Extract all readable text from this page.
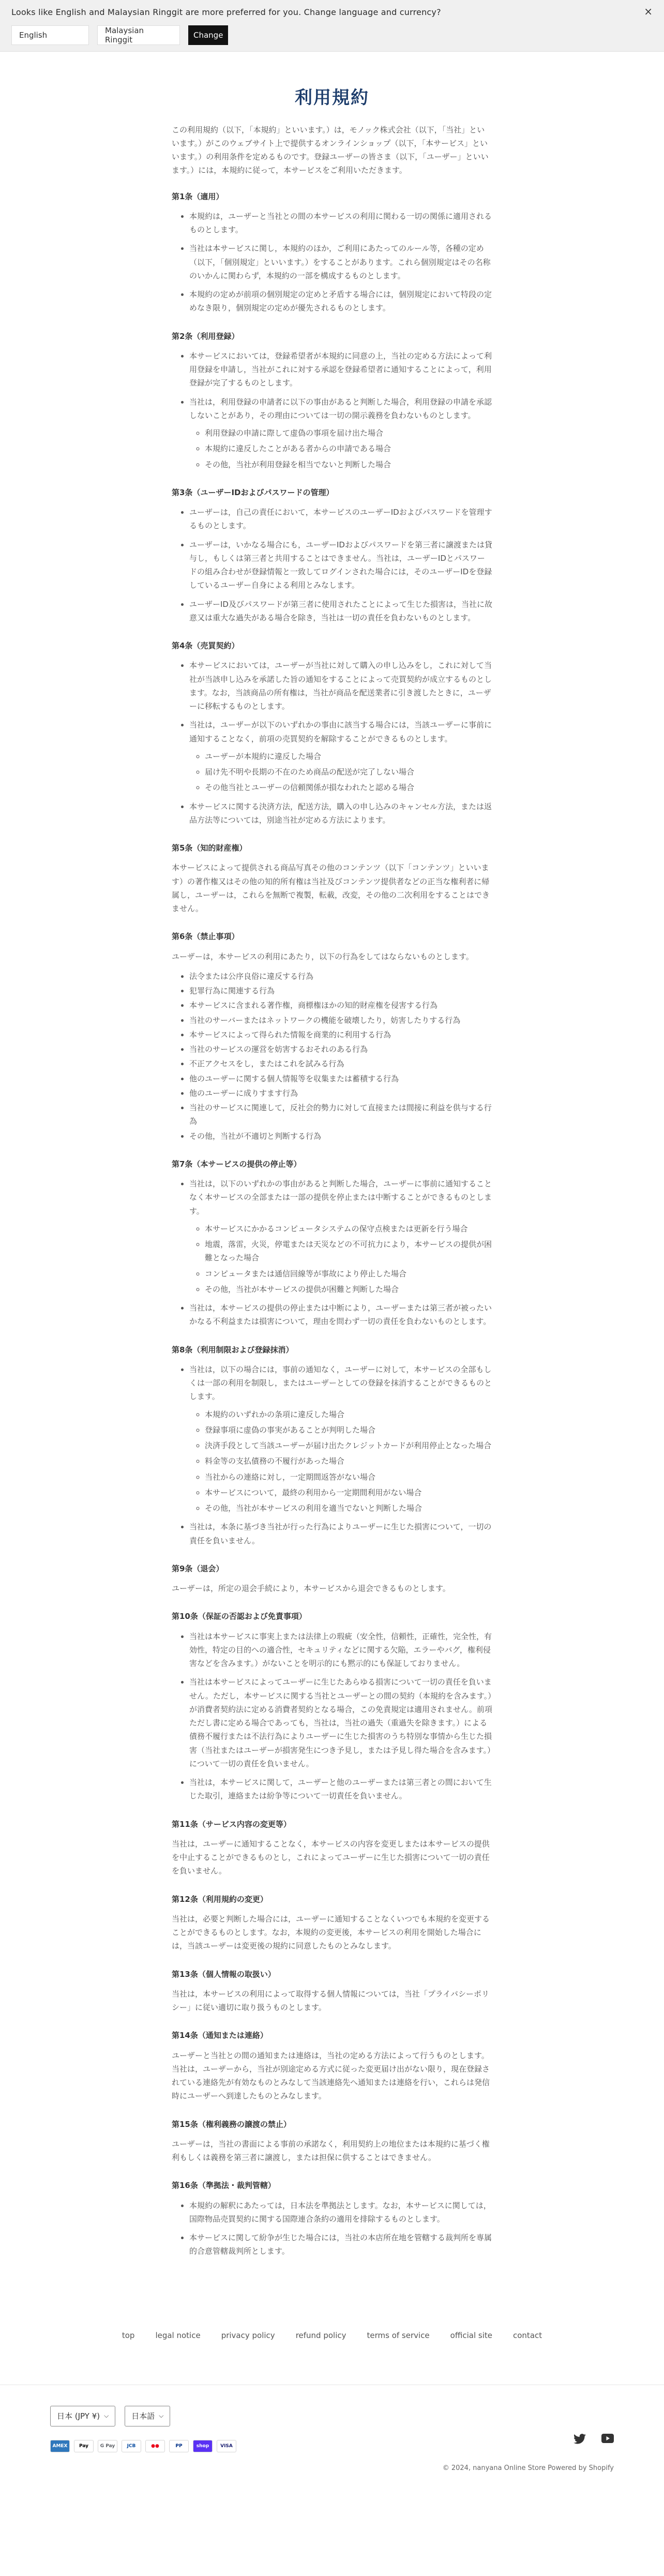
Looks like English and Malaysian Ringgit are more preferred for you. Change language and currency?	×
English	Malaysian Ringgit	Change
利用規約

この利用規約（以下，「本規約」といいます。）は，モノック株式会社（以下，「当社」といいます。）がこのウェブサイト上で提供するオンラインショップ（以下，「本サービス」といいます。）の利用条件を定めるものです。登録ユーザーの皆さま（以下，「ユーザー」といいます。）には，本規約に従って，本サービスをご利用いただきます。

第1条（適用）
• 本規約は，ユーザーと当社との間の本サービスの利用に関わる一切の関係に適用されるものとします。
• 当社は本サービスに関し，本規約のほか，ご利用にあたってのルール等，各種の定め（以下，「個別規定」といいます。）をすることがあります。これら個別規定はその名称のいかんに関わらず，本規約の一部を構成するものとします。
• 本規約の定めが前項の個別規定の定めと矛盾する場合には，個別規定において特段の定めなき限り，個別規定の定めが優先されるものとします。
第2条（利用登録）
• 本サービスにおいては，登録希望者が本規約に同意の上，当社の定める方法によって利用登録を申請し，当社がこれに対する承認を登録希望者に通知することによって，利用登録が完了するものとします。
• 当社は，利用登録の申請者に以下の事由があると判断した場合，利用登録の申請を承認しないことがあり，その理由については一切の開示義務を負わないものとします。
◦ 利用登録の申請に際して虚偽の事項を届け出た場合
◦ 本規約に違反したことがある者からの申請である場合
◦ その他，当社が利用登録を相当でないと判断した場合
第3条（ユーザーIDおよびパスワードの管理）
• ユーザーは，自己の責任において，本サービスのユーザーIDおよびパスワードを管理するものとします。
• ユーザーは，いかなる場合にも，ユーザーIDおよびパスワードを第三者に譲渡または貸与し，もしくは第三者と共用することはできません。当社は，ユーザーIDとパスワードの組み合わせが登録情報と一致してログインされた場合には，そのユーザーIDを登録しているユーザー自身による利用とみなします。
• ユーザーID及びパスワードが第三者に使用されたことによって生じた損害は，当社に故意又は重大な過失がある場合を除き，当社は一切の責任を負わないものとします。
第4条（売買契約）
• 本サービスにおいては，ユーザーが当社に対して購入の申し込みをし，これに対して当社が当該申し込みを承諾した旨の通知をすることによって売買契約が成立するものとします。なお，当該商品の所有権は，当社が商品を配送業者に引き渡したときに，ユーザーに移転するものとします。
• 当社は，ユーザーが以下のいずれかの事由に該当する場合には，当該ユーザーに事前に通知することなく，前項の売買契約を解除することができるものとします。
◦ ユーザーが本規約に違反した場合
◦ 届け先不明や長期の不在のため商品の配送が完了しない場合
◦ その他当社とユーザーの信頼関係が損なわれたと認める場合
• 本サービスに関する決済方法，配送方法，購入の申し込みのキャンセル方法，または返品方法等については，別途当社が定める方法によります。
第5条（知的財産権）

本サービスによって提供される商品写真その他のコンテンツ（以下「コンテンツ」といいます）の著作権又はその他の知的所有権は当社及びコンテンツ提供者などの正当な権利者に帰属し，ユーザーは，これらを無断で複製，転載，改変，その他の二次利用をすることはできません。

第6条（禁止事項）

ユーザーは，本サービスの利用にあたり，以下の行為をしてはならないものとします。

• 法令または公序良俗に違反する行為
• 犯罪行為に関連する行為
• 本サービスに含まれる著作権，商標権ほかの知的財産権を侵害する行為
• 当社のサーバーまたはネットワークの機能を破壊したり，妨害したりする行為
• 本サービスによって得られた情報を商業的に利用する行為
• 当社のサービスの運営を妨害するおそれのある行為
• 不正アクセスをし，またはこれを試みる行為
• 他のユーザーに関する個人情報等を収集または蓄積する行為
• 他のユーザーに成りすます行為
• 当社のサービスに関連して，反社会的勢力に対して直接または間接に利益を供与する行為
• その他，当社が不適切と判断する行為
第7条（本サービスの提供の停止等）
• 当社は，以下のいずれかの事由があると判断した場合，ユーザーに事前に通知することなく本サービスの全部または一部の提供を停止または中断することができるものとします。
◦ 本サービスにかかるコンピュータシステムの保守点検または更新を行う場合
◦ 地震，落雷，火災，停電または天災などの不可抗力により，本サービスの提供が困難となった場合
◦ コンピュータまたは通信回線等が事故により停止した場合
◦ その他，当社が本サービスの提供が困難と判断した場合
• 当社は，本サービスの提供の停止または中断により，ユーザーまたは第三者が被ったいかなる不利益または損害について，理由を問わず一切の責任を負わないものとします。
第8条（利用制限および登録抹消）
• 当社は，以下の場合には，事前の通知なく，ユーザーに対して，本サービスの全部もしくは一部の利用を制限し，またはユーザーとしての登録を抹消することができるものとします。
◦ 本規約のいずれかの条項に違反した場合
◦ 登録事項に虚偽の事実があることが判明した場合
◦ 決済手段として当該ユーザーが届け出たクレジットカードが利用停止となった場合
◦ 料金等の支払債務の不履行があった場合
◦ 当社からの連絡に対し，一定期間返答がない場合
◦ 本サービスについて，最終の利用から一定期間利用がない場合
◦ その他，当社が本サービスの利用を適当でないと判断した場合
• 当社は，本条に基づき当社が行った行為によりユーザーに生じた損害について，一切の責任を負いません。
第9条（退会）

ユーザーは，所定の退会手続により，本サービスから退会できるものとします。

第10条（保証の否認および免責事項）
• 当社は本サービスに事実上または法律上の瑕疵（安全性，信頼性，正確性，完全性，有効性，特定の目的への適合性，セキュリティなどに関する欠陥，エラーやバグ，権利侵害などを含みます。）がないことを明示的にも黙示的にも保証しておりません。
• 当社は本サービスによってユーザーに生じたあらゆる損害について一切の責任を負いません。ただし，本サービスに関する当社とユーザーとの間の契約（本規約を含みます。）が消費者契約法に定める消費者契約となる場合，この免責規定は適用されません。前項ただし書に定める場合であっても，当社は，当社の過失（重過失を除きます。）による債務不履行または不法行為によりユーザーに生じた損害のうち特別な事情から生じた損害（当社またはユーザーが損害発生につき予見し，または予見し得た場合を含みます。）について一切の責任を負いません。
• 当社は，本サービスに関して，ユーザーと他のユーザーまたは第三者との間において生じた取引，連絡または紛争等について一切責任を負いません。
第11条（サービス内容の変更等）

当社は，ユーザーに通知することなく，本サービスの内容を変更しまたは本サービスの提供を中止することができるものとし，これによってユーザーに生じた損害について一切の責任を負いません。

第12条（利用規約の変更）

当社は，必要と判断した場合には，ユーザーに通知することなくいつでも本規約を変更することができるものとします。なお，本規約の変更後，本サービスの利用を開始した場合には，当該ユーザーは変更後の規約に同意したものとみなします。

第13条（個人情報の取扱い）

当社は，本サービスの利用によって取得する個人情報については，当社「プライバシーポリシー」に従い適切に取り扱うものとします。

第14条（通知または連絡）

ユーザーと当社との間の通知または連絡は，当社の定める方法によって行うものとします。当社は，ユーザーから，当社が別途定める方式に従った変更届け出がない限り，現在登録されている連絡先が有効なものとみなして当該連絡先へ通知または連絡を行い，これらは発信時にユーザーへ到達したものとみなします。

第15条（権利義務の譲渡の禁止）

ユーザーは，当社の書面による事前の承諾なく，利用契約上の地位または本規約に基づく権利もしくは義務を第三者に譲渡し，または担保に供することはできません。

第16条（準拠法・裁判管轄）
• 本規約の解釈にあたっては，日本法を準拠法とします。なお，本サービスに関しては，国際物品売買契約に関する国際連合条約の適用を排除するものとします。
• 本サービスに関して紛争が生じた場合には，当社の本店所在地を管轄する裁判所を専属的合意管轄裁判所とします。
top	legal notice	privacy policy	refund policy	terms of service	official site	contact
日本 (JPY ¥) ⌵	日本語 ⌵
AMEX	Pay	G Pay	JCB	●●	PP	shop	VISA
© 2024, nanyana Online Store Powered by Shopify
